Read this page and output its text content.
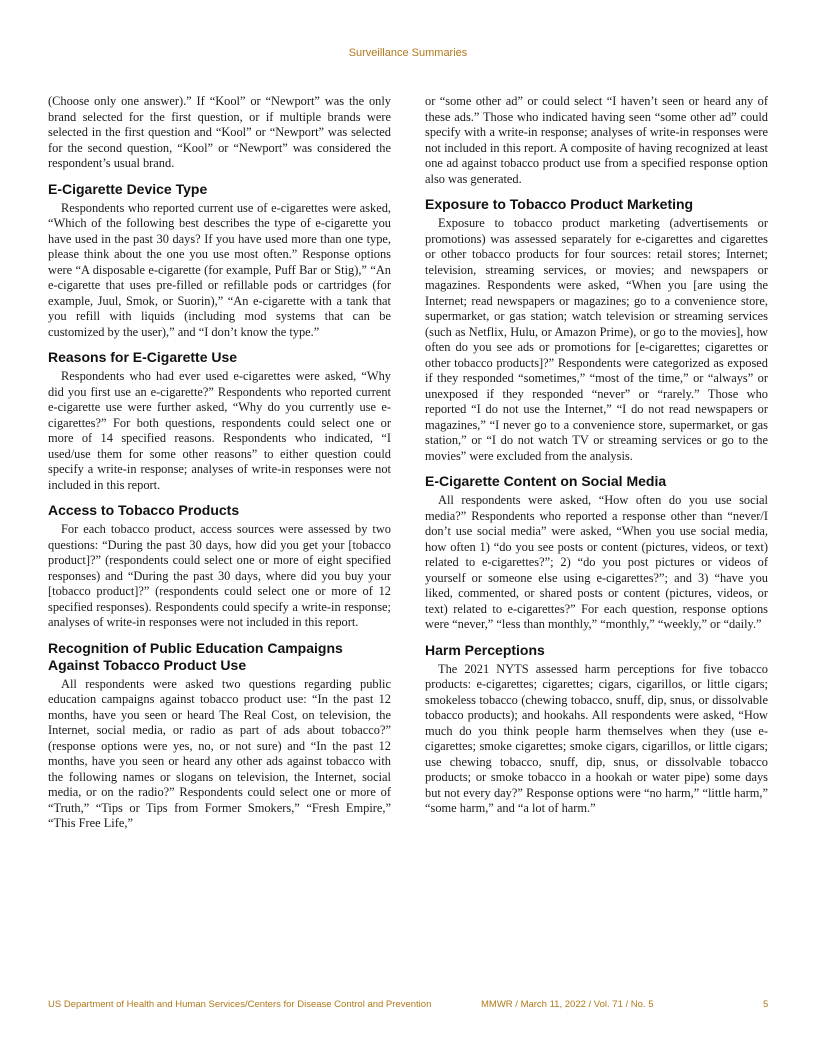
Surveillance Summaries

(Choose only one answer).” If “Kool” or “Newport” was the only brand selected for the first question, or if multiple brands were selected in the first question and “Kool” or “Newport” was selected for the second question, “Kool” or “Newport” was considered the respondent’s usual brand.

E-Cigarette Device Type

Respondents who reported current use of e-cigarettes were asked, “Which of the following best describes the type of e-cigarette you have used in the past 30 days? If you have used more than one type, please think about the one you use most often.” Response options were “A disposable e-cigarette (for example, Puff Bar or Stig),” “An e-cigarette that uses pre-filled or refillable pods or cartridges (for example, Juul, Smok, or Suorin),” “An e-cigarette with a tank that you refill with liquids (including mod systems that can be customized by the user),” and “I don’t know the type.”

Reasons for E-Cigarette Use

Respondents who had ever used e-cigarettes were asked, “Why did you first use an e-cigarette?” Respondents who reported current e-cigarette use were further asked, “Why do you currently use e-cigarettes?” For both questions, respondents could select one or more of 14 specified reasons. Respondents who indicated, “I used/use them for some other reasons” to either question could specify a write-in response; analyses of write-in responses were not included in this report.

Access to Tobacco Products

For each tobacco product, access sources were assessed by two questions: “During the past 30 days, how did you get your [tobacco product]?” (respondents could select one or more of eight specified responses) and “During the past 30 days, where did you buy your [tobacco product]?” (respondents could select one or more of 12 specified responses). Respondents could specify a write-in response; analyses of write-in responses were not included in this report.

Recognition of Public Education Campaigns Against Tobacco Product Use

All respondents were asked two questions regarding public education campaigns against tobacco product use: “In the past 12 months, have you seen or heard The Real Cost, on television, the Internet, social media, or radio as part of ads about tobacco?” (response options were yes, no, or not sure) and “In the past 12 months, have you seen or heard any other ads against tobacco with the following names or slogans on television, the Internet, social media, or on the radio?” Respondents could select one or more of “Truth,” “Tips or Tips from Former Smokers,” “Fresh Empire,” “This Free Life,”

or “some other ad” or could select “I haven’t seen or heard any of these ads.” Those who indicated having seen “some other ad” could specify with a write-in response; analyses of write-in responses were not included in this report. A composite of having recognized at least one ad against tobacco product use from a specified response option also was generated.

Exposure to Tobacco Product Marketing

Exposure to tobacco product marketing (advertisements or promotions) was assessed separately for e-cigarettes and cigarettes or other tobacco products for four sources: retail stores; Internet; television, streaming services, or movies; and newspapers or magazines. Respondents were asked, “When you [are using the Internet; read newspapers or magazines; go to a convenience store, supermarket, or gas station; watch television or streaming services (such as Netflix, Hulu, or Amazon Prime), or go to the movies], how often do you see ads or promotions for [e-cigarettes; cigarettes or other tobacco products]?” Respondents were categorized as exposed if they responded “sometimes,” “most of the time,” or “always” or unexposed if they responded “never” or “rarely.” Those who reported “I do not use the Internet,” “I do not read newspapers or magazines,” “I never go to a convenience store, supermarket, or gas station,” or “I do not watch TV or streaming services or go to the movies” were excluded from the analysis.

E-Cigarette Content on Social Media

All respondents were asked, “How often do you use social media?” Respondents who reported a response other than “never/I don’t use social media” were asked, “When you use social media, how often 1) “do you see posts or content (pictures, videos, or text) related to e-cigarettes?”; 2) “do you post pictures or videos of yourself or someone else using e-cigarettes?”; and 3) “have you liked, commented, or shared posts or content (pictures, videos, or text) related to e-cigarettes?” For each question, response options were “never,” “less than monthly,” “monthly,” “weekly,” or “daily.”

Harm Perceptions

The 2021 NYTS assessed harm perceptions for five tobacco products: e-cigarettes; cigarettes; cigars, cigarillos, or little cigars; smokeless tobacco (chewing tobacco, snuff, dip, snus, or dissolvable tobacco products); and hookahs. All respondents were asked, “How much do you think people harm themselves when they (use e-cigarettes; smoke cigarettes; smoke cigars, cigarillos, or little cigars; use chewing tobacco, snuff, dip, snus, or dissolvable tobacco products; or smoke tobacco in a hookah or water pipe) some days but not every day?” Response options were “no harm,” “little harm,” “some harm,” and “a lot of harm.”

US Department of Health and Human Services/Centers for Disease Control and Prevention	MMWR / March 11, 2022 / Vol. 71 / No. 5	5
